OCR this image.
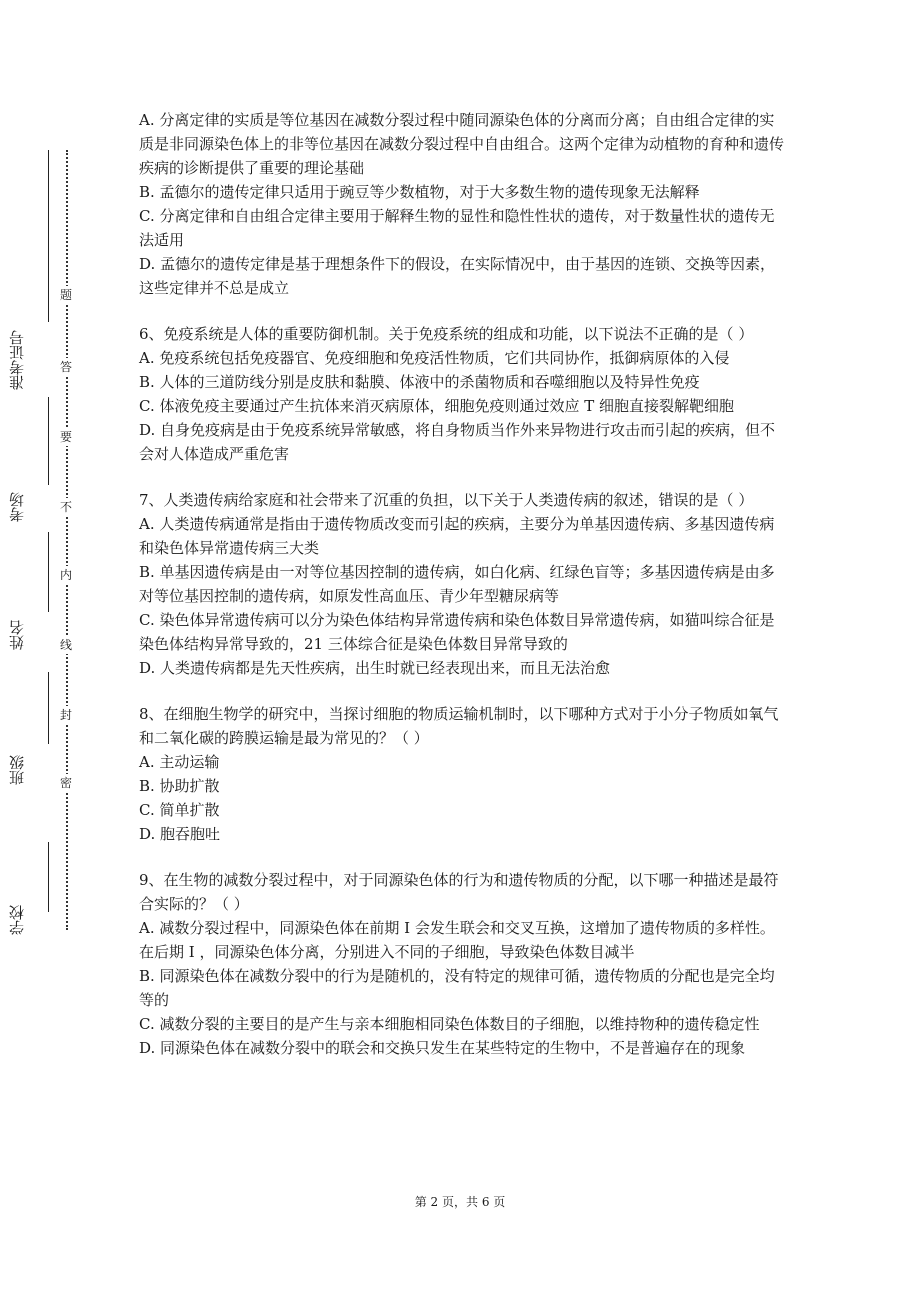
学校
班级
姓名
考场
准考证号
题
答
要
不
内
线
封
密

A. 分离定律的实质是等位基因在减数分裂过程中随同源染色体的分离而分离；自由组合定律的实质是非同源染色体上的非等位基因在减数分裂过程中自由组合。这两个定律为动植物的育种和遗传疾病的诊断提供了重要的理论基础

B. 孟德尔的遗传定律只适用于豌豆等少数植物，对于大多数生物的遗传现象无法解释

C. 分离定律和自由组合定律主要用于解释生物的显性和隐性性状的遗传，对于数量性状的遗传无法适用

D. 孟德尔的遗传定律是基于理想条件下的假设，在实际情况中，由于基因的连锁、交换等因素，这些定律并不总是成立

6、免疫系统是人体的重要防御机制。关于免疫系统的组成和功能，以下说法不正确的是（ ）

A. 免疫系统包括免疫器官、免疫细胞和免疫活性物质，它们共同协作，抵御病原体的入侵

B. 人体的三道防线分别是皮肤和黏膜、体液中的杀菌物质和吞噬细胞以及特异性免疫

C. 体液免疫主要通过产生抗体来消灭病原体，细胞免疫则通过效应 T 细胞直接裂解靶细胞

D. 自身免疫病是由于免疫系统异常敏感，将自身物质当作外来异物进行攻击而引起的疾病，但不会对人体造成严重危害

7、人类遗传病给家庭和社会带来了沉重的负担，以下关于人类遗传病的叙述，错误的是（ ）

A. 人类遗传病通常是指由于遗传物质改变而引起的疾病，主要分为单基因遗传病、多基因遗传病和染色体异常遗传病三大类

B. 单基因遗传病是由一对等位基因控制的遗传病，如白化病、红绿色盲等；多基因遗传病是由多对等位基因控制的遗传病，如原发性高血压、青少年型糖尿病等

C. 染色体异常遗传病可以分为染色体结构异常遗传病和染色体数目异常遗传病，如猫叫综合征是染色体结构异常导致的，21 三体综合征是染色体数目异常导致的

D. 人类遗传病都是先天性疾病，出生时就已经表现出来，而且无法治愈

8、在细胞生物学的研究中，当探讨细胞的物质运输机制时，以下哪种方式对于小分子物质如氧气和二氧化碳的跨膜运输是最为常见的？（ ）

A. 主动运输

B. 协助扩散

C. 简单扩散

D. 胞吞胞吐

9、在生物的减数分裂过程中，对于同源染色体的行为和遗传物质的分配，以下哪一种描述是最符合实际的？（ ）

A. 减数分裂过程中，同源染色体在前期 I 会发生联会和交叉互换，这增加了遗传物质的多样性。在后期 I ，同源染色体分离，分别进入不同的子细胞，导致染色体数目减半

B. 同源染色体在减数分裂中的行为是随机的，没有特定的规律可循，遗传物质的分配也是完全均等的

C. 减数分裂的主要目的是产生与亲本细胞相同染色体数目的子细胞，以维持物种的遗传稳定性

D. 同源染色体在减数分裂中的联会和交换只发生在某些特定的生物中，不是普遍存在的现象

第 2 页，共 6 页
